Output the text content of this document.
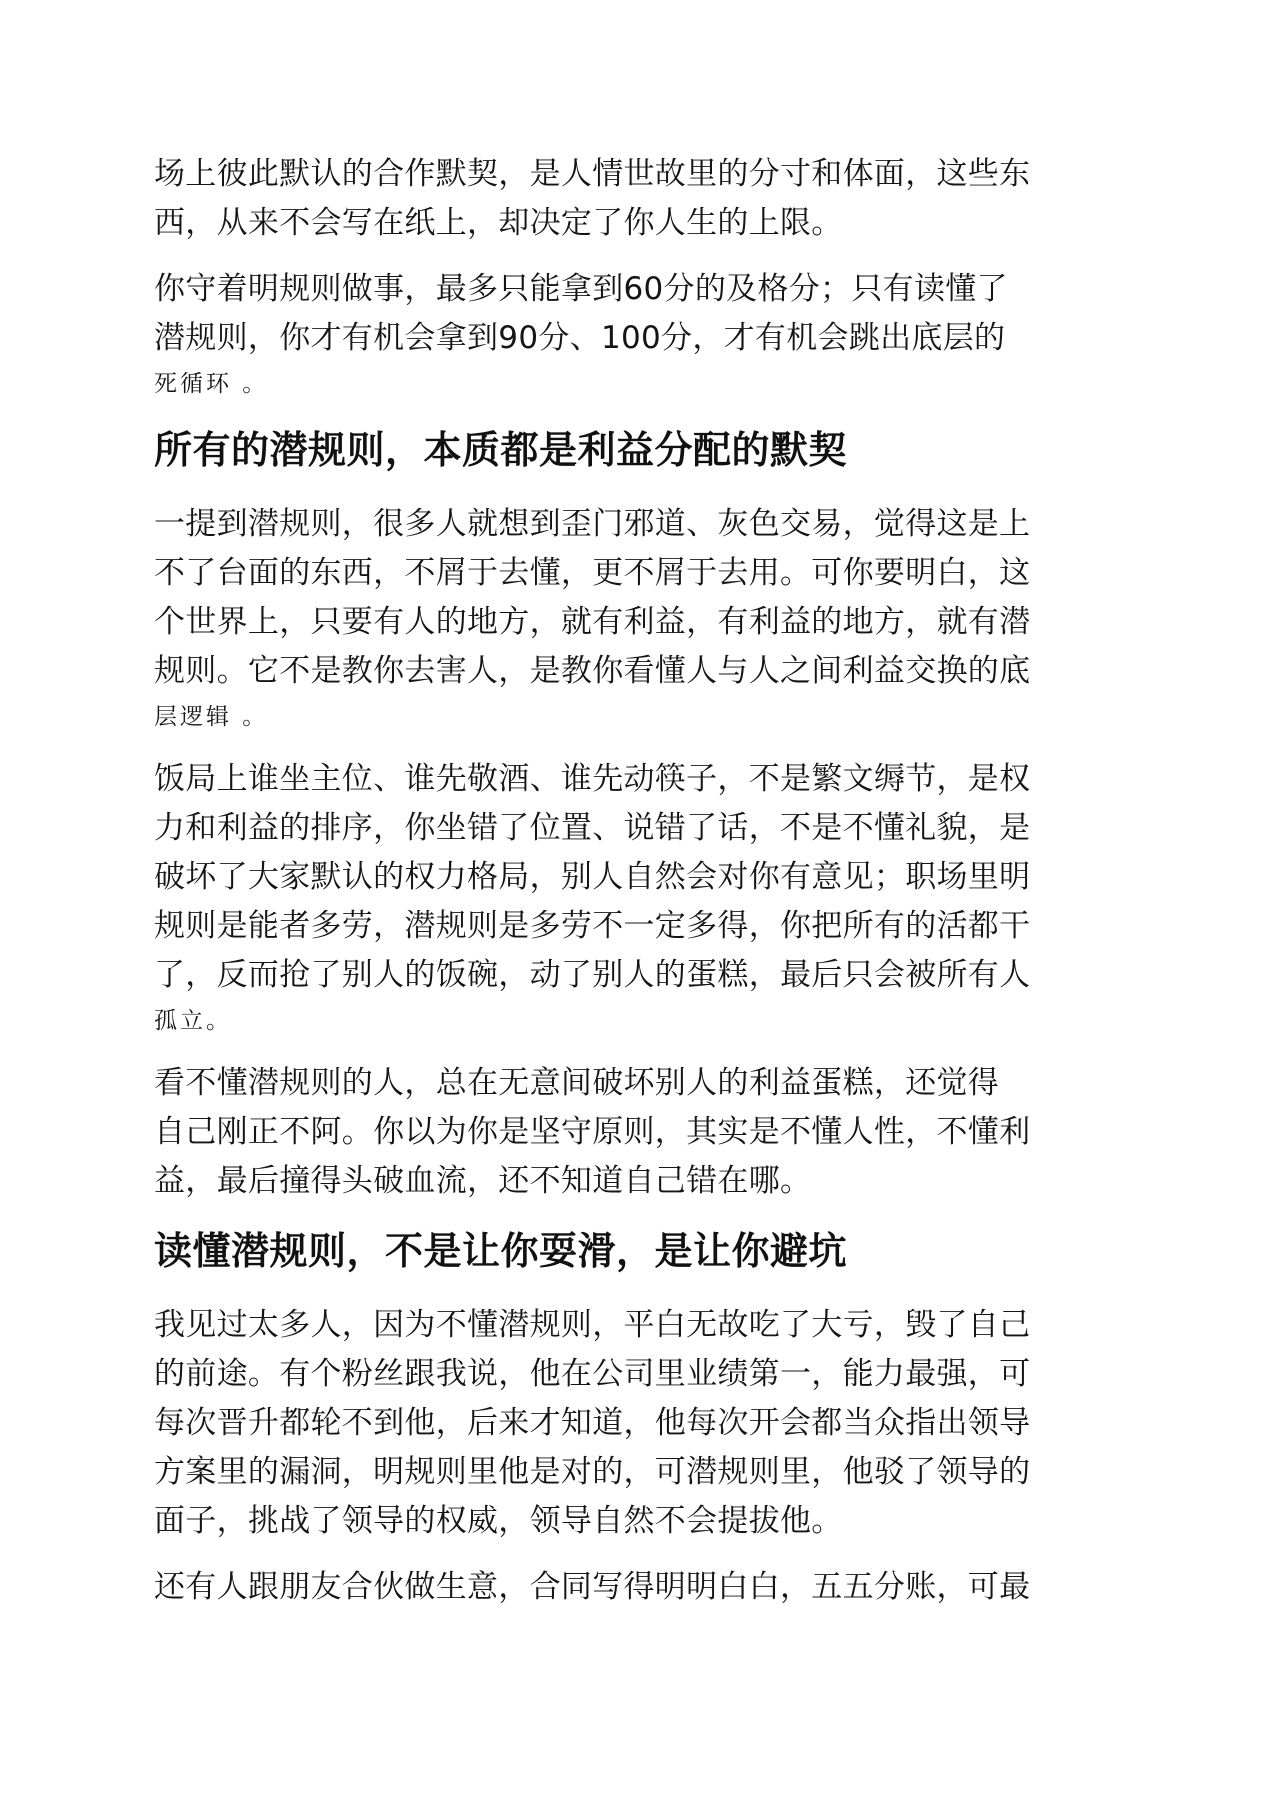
场上彼此默认的合作默契，是人情世故里的分寸和体面，这些东
西，从来不会写在纸上，却决定了你人生的上限。

你守着明规则做事，最多只能拿到60分的及格分；只有读懂了
潜规则，你才有机会拿到90分、100分，才有机会跳出底层的
死循环 。

所有的潜规则，本质都是利益分配的默契

一提到潜规则，很多人就想到歪门邪道、灰色交易，觉得这是上
不了台面的东西，不屑于去懂，更不屑于去用。可你要明白，这
个世界上，只要有人的地方，就有利益，有利益的地方，就有潜
规则。它不是教你去害人，是教你看懂人与人之间利益交换的底
层逻辑 。

饭局上谁坐主位、谁先敬酒、谁先动筷子，不是繁文缛节，是权
力和利益的排序，你坐错了位置、说错了话，不是不懂礼貌，是
破坏了大家默认的权力格局，别人自然会对你有意见；职场里明
规则是能者多劳，潜规则是多劳不一定多得，你把所有的活都干
了，反而抢了别人的饭碗，动了别人的蛋糕，最后只会被所有人
孤立。

看不懂潜规则的人，总在无意间破坏别人的利益蛋糕，还觉得
自己刚正不阿。你以为你是坚守原则，其实是不懂人性，不懂利
益，最后撞得头破血流，还不知道自己错在哪。

读懂潜规则，不是让你耍滑，是让你避坑

我见过太多人，因为不懂潜规则，平白无故吃了大亏，毁了自己
的前途。有个粉丝跟我说，他在公司里业绩第一，能力最强，可
每次晋升都轮不到他，后来才知道，他每次开会都当众指出领导
方案里的漏洞，明规则里他是对的，可潜规则里，他驳了领导的
面子，挑战了领导的权威，领导自然不会提拔他。

还有人跟朋友合伙做生意，合同写得明明白白，五五分账，可最
